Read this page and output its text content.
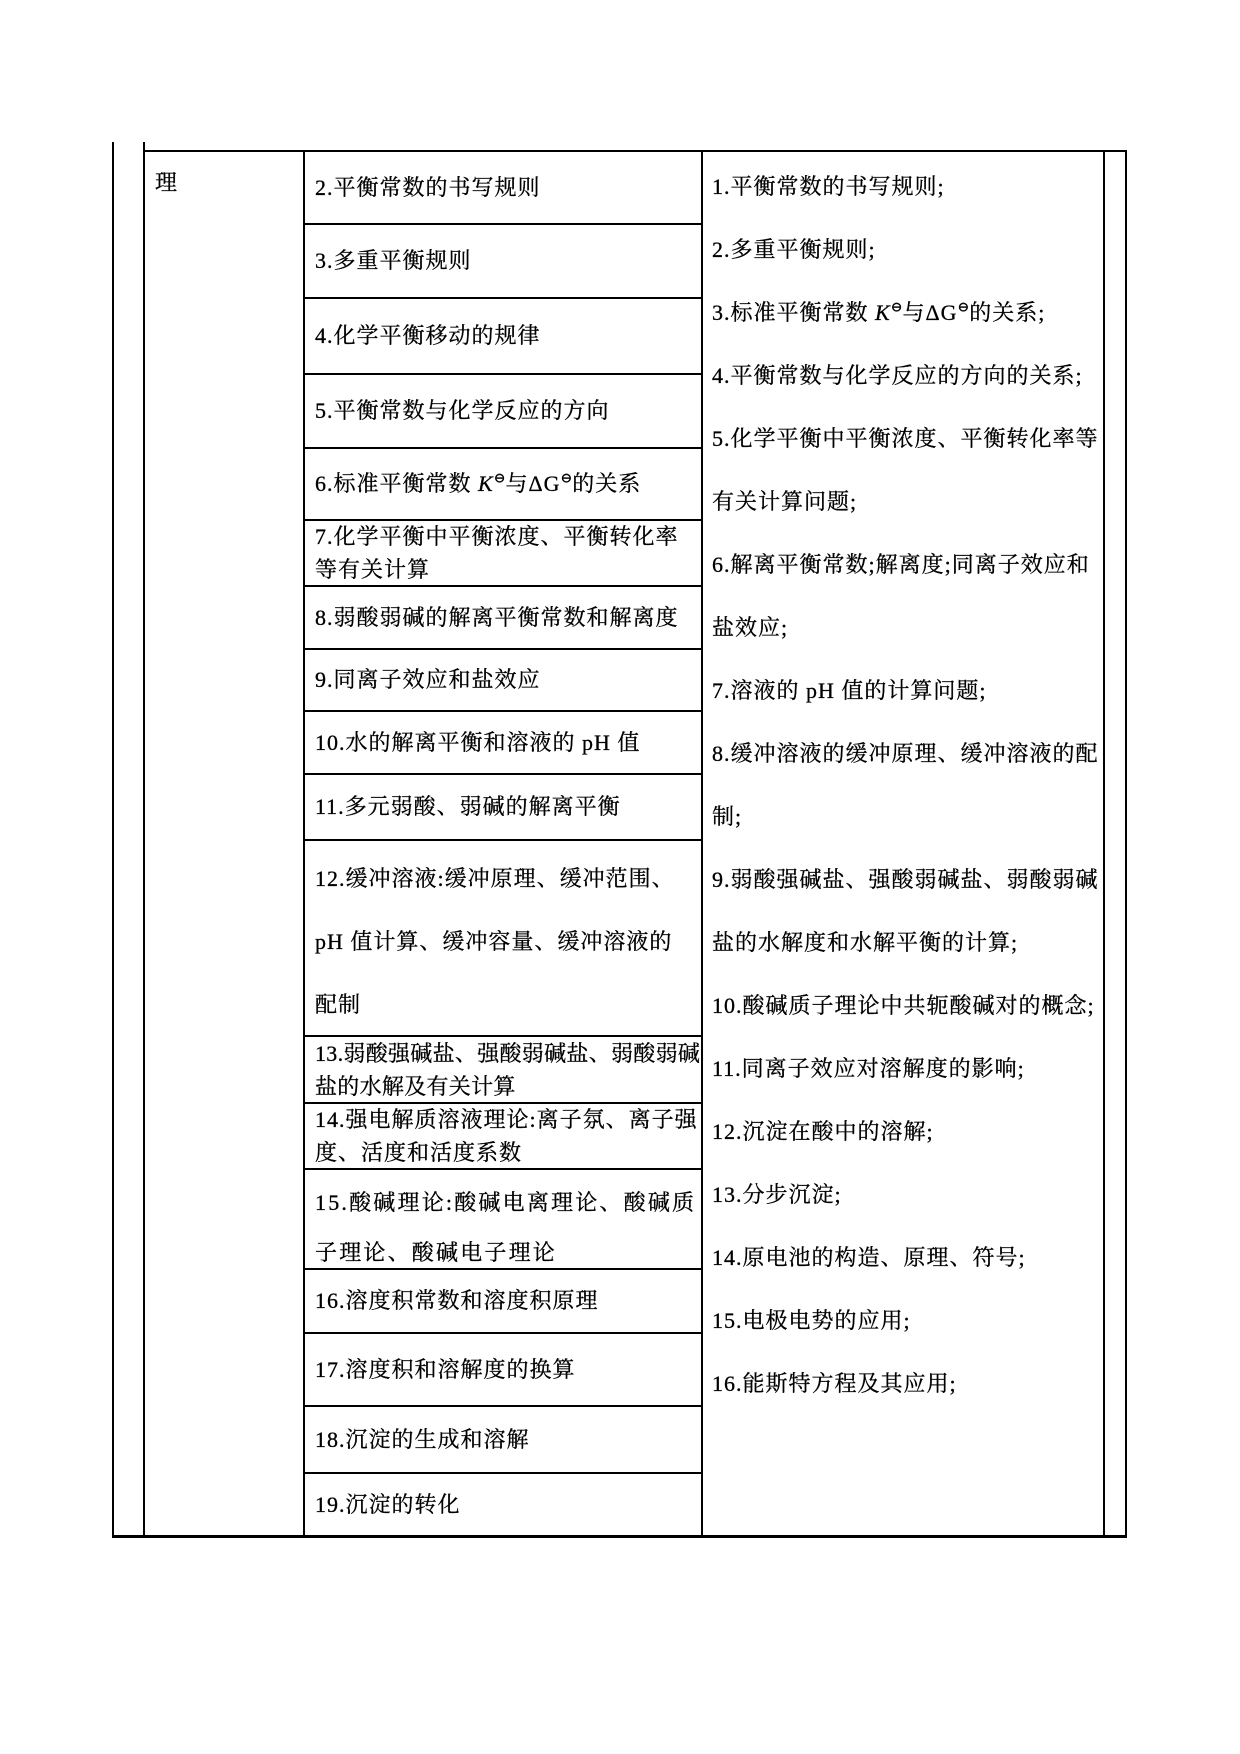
理	2.平衡常数的书写规则
3.多重平衡规则
4.化学平衡移动的规律
5.平衡常数与化学反应的方向
6.标准平衡常数 K⊖与ΔG⊖的关系
7.化学平衡中平衡浓度、平衡转化率等有关计算
8.弱酸弱碱的解离平衡常数和解离度
9.同离子效应和盐效应
10.水的解离平衡和溶液的 pH 值
11.多元弱酸、弱碱的解离平衡
12.缓冲溶液:缓冲原理、缓冲范围、pH 值计算、缓冲容量、缓冲溶液的配制
13.弱酸强碱盐、强酸弱碱盐、弱酸弱碱盐的水解及有关计算
14.强电解质溶液理论:离子氛、离子强度、活度和活度系数
15.酸碱理论:酸碱电离理论、酸碱质子理论、酸碱电子理论
16.溶度积常数和溶度积原理
17.溶度积和溶解度的换算
18.沉淀的生成和溶解
19.沉淀的转化
1.平衡常数的书写规则;
2.多重平衡规则;
3.标准平衡常数 K⊖与ΔG⊖的关系;
4.平衡常数与化学反应的方向的关系;
5.化学平衡中平衡浓度、平衡转化率等有关计算问题;
6.解离平衡常数;解离度;同离子效应和盐效应;
7.溶液的 pH 值的计算问题;
8.缓冲溶液的缓冲原理、缓冲溶液的配制;
9.弱酸强碱盐、强酸弱碱盐、弱酸弱碱盐的水解度和水解平衡的计算;
10.酸碱质子理论中共轭酸碱对的概念;
11.同离子效应对溶解度的影响;
12.沉淀在酸中的溶解;
13.分步沉淀;
14.原电池的构造、原理、符号;
15.电极电势的应用;
16.能斯特方程及其应用;
